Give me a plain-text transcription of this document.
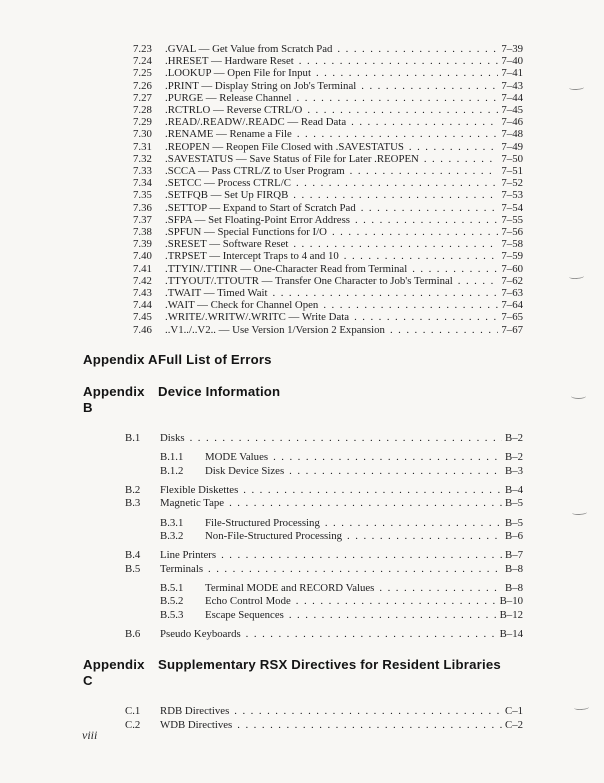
7.23	.GVAL — Get Value from Scratch Pad .....	7–39
7.24	.HRESET — Hardware Reset .....	7–40
7.25	.LOOKUP — Open File for Input .....	7–41
7.26	.PRINT — Display String on Job's Terminal .....	7–43
7.27	.PURGE — Release Channel .....	7–44
7.28	.RCTRLO — Reverse CTRL/O .....	7–45
7.29	.READ/.READW/.READC — Read Data .....	7–46
7.30	.RENAME — Rename a File .....	7–48
7.31	.REOPEN — Reopen File Closed with .SAVESTATUS .....	7–49
7.32	.SAVESTATUS — Save Status of File for Later .REOPEN .....	7–50
7.33	.SCCA — Pass CTRL/Z to User Program .....	7–51
7.34	.SETCC — Process CTRL/C .....	7–52
7.35	.SETFQB — Set Up FIRQB .....	7–53
7.36	.SETTOP — Expand to Start of Scratch Pad .....	7–54
7.37	.SFPA — Set Floating-Point Error Address .....	7–55
7.38	.SPFUN — Special Functions for I/O .....	7–56
7.39	.SRESET — Software Reset .....	7–58
7.40	.TRPSET — Intercept Traps to 4 and 10 .....	7–59
7.41	.TTYIN/.TTINR — One-Character Read from Terminal .....	7–60
7.42	.TTYOUT/.TTOUTR — Transfer One Character to Job's Terminal .....	7–62
7.43	.TWAIT — Timed Wait .....	7–63
7.44	.WAIT — Check for Channel Open .....	7–64
7.45	.WRITE/.WRITW/.WRITC — Write Data .....	7–65
7.46	..V1../..V2.. — Use Version 1/Version 2 Expansion .....	7–67
Appendix A Full List of Errors
Appendix B
Device Information
B.1	Disks .....	B–2
B.1.1	MODE Values .....	B–2
B.1.2	Disk Device Sizes .....	B–3
B.2	Flexible Diskettes .....	B–4
B.3	Magnetic Tape .....	B–5
B.3.1	File-Structured Processing .....	B–5
B.3.2	Non-File-Structured Processing .....	B–6
B.4	Line Printers .....	B–7
B.5	Terminals .....	B–8
B.5.1	Terminal MODE and RECORD Values .....	B–8
B.5.2	Echo Control Mode .....	B–10
B.5.3	Escape Sequences .....	B–12
B.6	Pseudo Keyboards .....	B–14
Appendix C
Supplementary RSX Directives for Resident Libraries
C.1	RDB Directives .....	C–1
C.2	WDB Directives .....	C–2
viii
